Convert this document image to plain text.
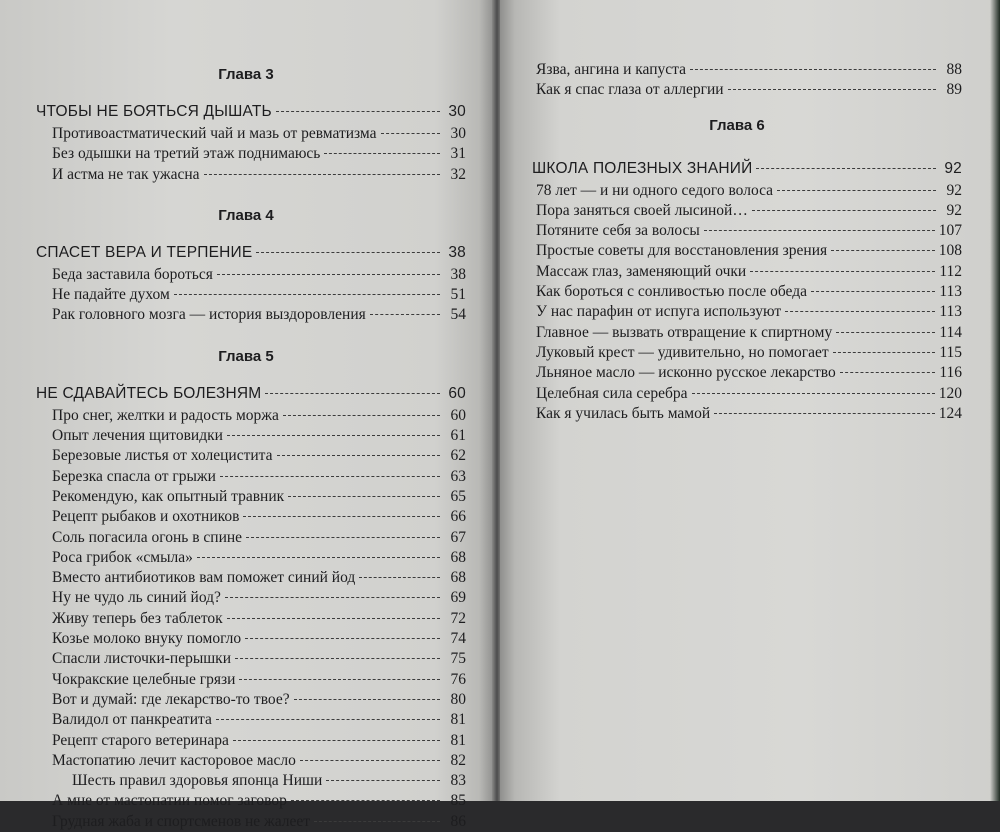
Глава 3
ЧТОБЫ НЕ БОЯТЬСЯ ДЫШАТЬ	30
Противоастматический чай и мазь от ревматизма	30
Без одышки на третий этаж поднимаюсь	31
И астма не так ужасна	32
Глава 4
СПАСЕТ ВЕРА И ТЕРПЕНИЕ	38
Беда заставила бороться	38
Не падайте духом	51
Рак головного мозга — история выздоровления	54
Глава 5
НЕ СДАВАЙТЕСЬ БОЛЕЗНЯМ	60
Про снег, желтки и радость моржа	60
Опыт лечения щитовидки	61
Березовые листья от холецистита	62
Березка спасла от грыжи	63
Рекомендую, как опытный травник	65
Рецепт рыбаков и охотников	66
Соль погасила огонь в спине	67
Роса грибок «смыла»	68
Вместо антибиотиков вам поможет синий йод	68
Ну не чудо ль синий йод?	69
Живу теперь без таблеток	72
Козье молоко внуку помогло	74
Спасли листочки-перышки	75
Чокракские целебные грязи	76
Вот и думай: где лекарство-то твое?	80
Валидол от панкреатита	81
Рецепт старого ветеринара	81
Мастопатию лечит касторовое масло	82
Шесть правил здоровья японца Ниши	83
А мне от мастопатии помог заговор	85
Грудная жаба и спортсменов не жалеет	86
Язва, ангина и капуста	88
Как я спас глаза от аллергии	89
Глава 6
ШКОЛА ПОЛЕЗНЫХ ЗНАНИЙ	92
78 лет — и ни одного седого волоса	92
Пора заняться своей лысиной…	92
Потяните себя за волосы	107
Простые советы для восстановления зрения	108
Массаж глаз, заменяющий очки	112
Как бороться с сонливостью после обеда	113
У нас парафин от испуга используют	113
Главное — вызвать отвращение к спиртному	114
Луковый крест — удивительно, но помогает	115
Льняное масло — исконно русское лекарство	116
Целебная сила серебра	120
Как я училась быть мамой	124
